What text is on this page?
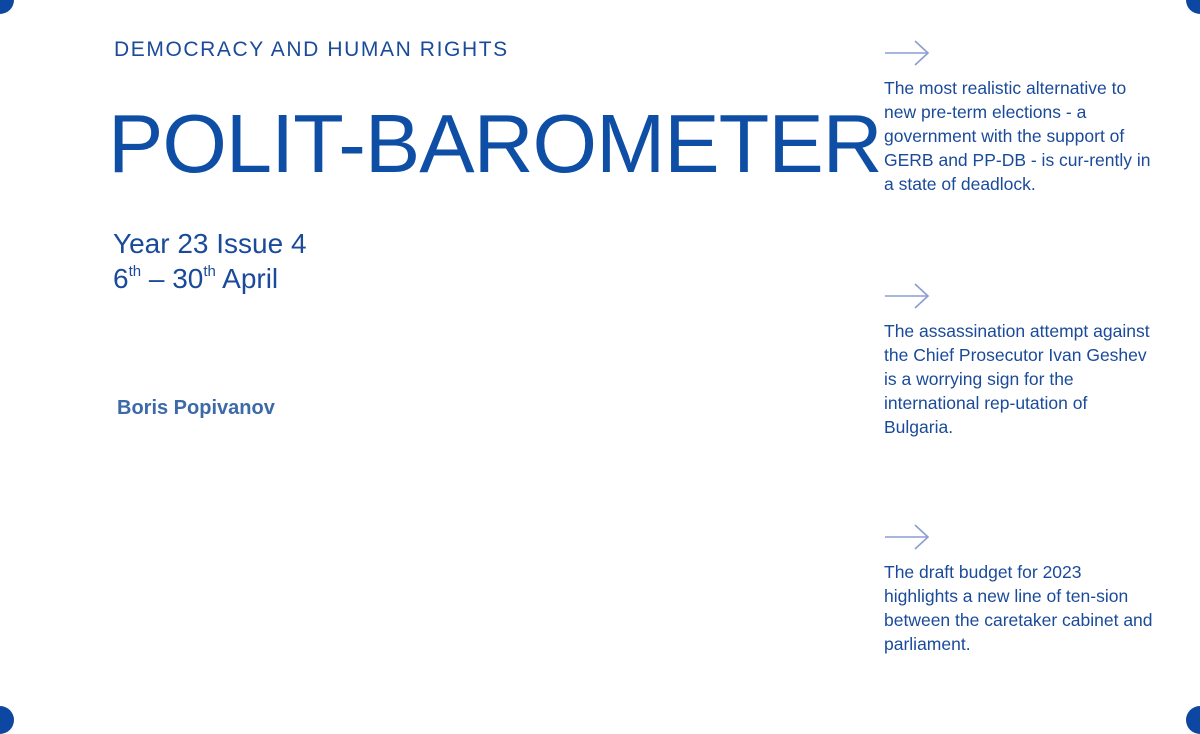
DEMOCRACY AND HUMAN RIGHTS
POLIT-BAROMETER
Year 23 Issue 4
6th – 30th April
Boris Popivanov
The most realistic alternative to new pre-term elections - a government with the support of GERB and PP-DB - is cur-rently in a state of deadlock.
The assassination attempt against the Chief Prosecutor Ivan Geshev is a worrying sign for the international rep-utation of Bulgaria.
The draft budget for 2023 highlights a new line of ten-sion between the caretaker cabinet and parliament.
